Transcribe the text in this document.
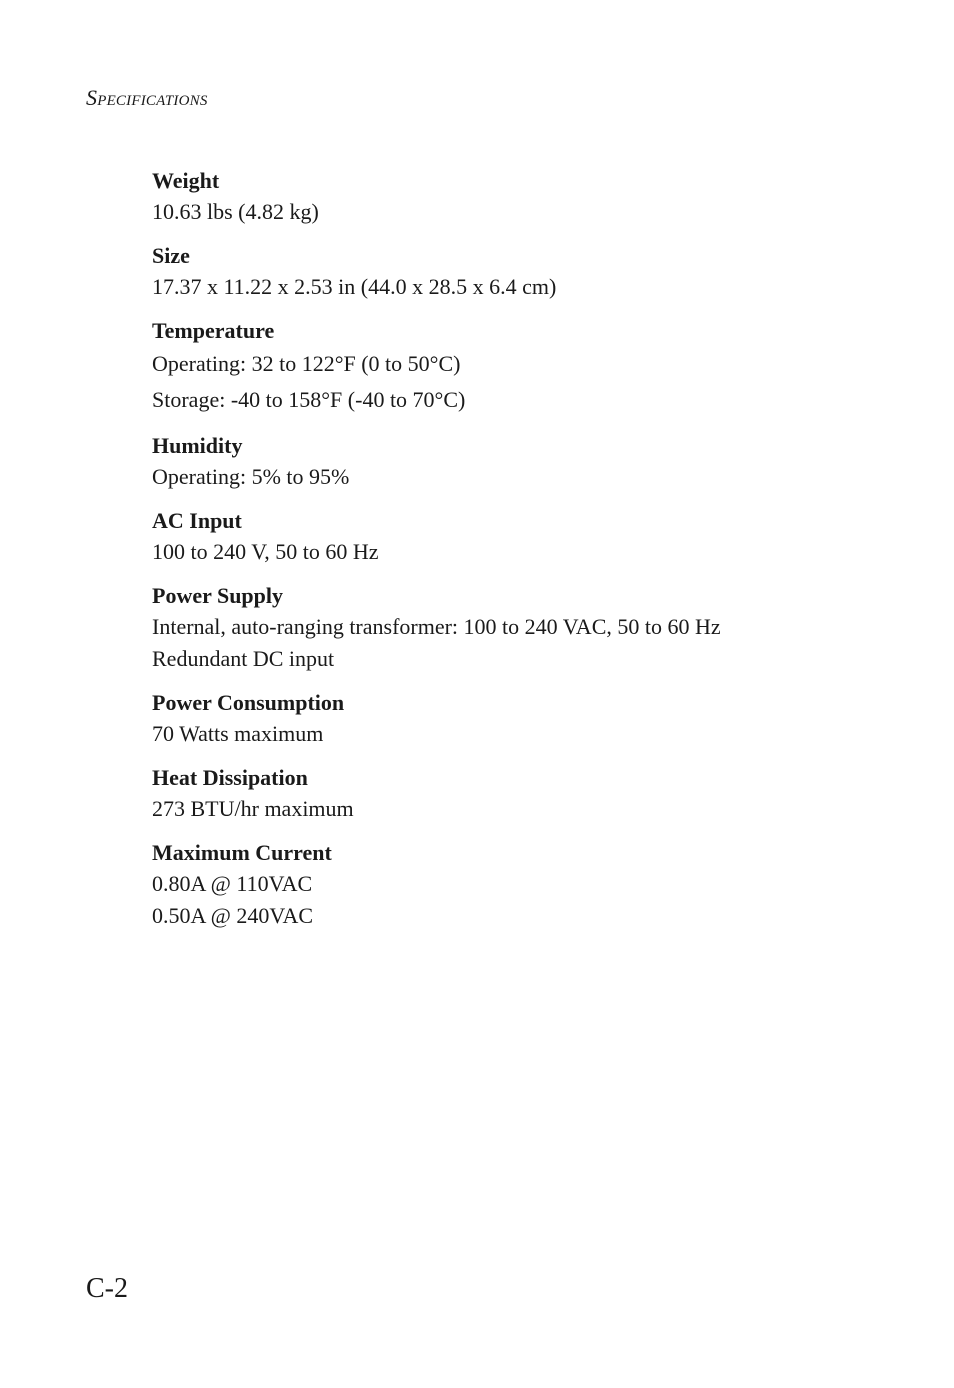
Specifications
Weight
10.63 lbs (4.82 kg)
Size
17.37 x 11.22 x 2.53 in (44.0 x 28.5 x 6.4 cm)
Temperature
Operating: 32 to 122°F (0 to 50°C)
Storage: -40 to 158°F (-40 to 70°C)
Humidity
Operating: 5% to 95%
AC Input
100 to 240 V, 50 to 60 Hz
Power Supply
Internal, auto-ranging transformer: 100 to 240 VAC, 50 to 60 Hz
Redundant DC input
Power Consumption
70 Watts maximum
Heat Dissipation
273 BTU/hr maximum
Maximum Current
0.80A @ 110VAC
0.50A @ 240VAC
C-2
